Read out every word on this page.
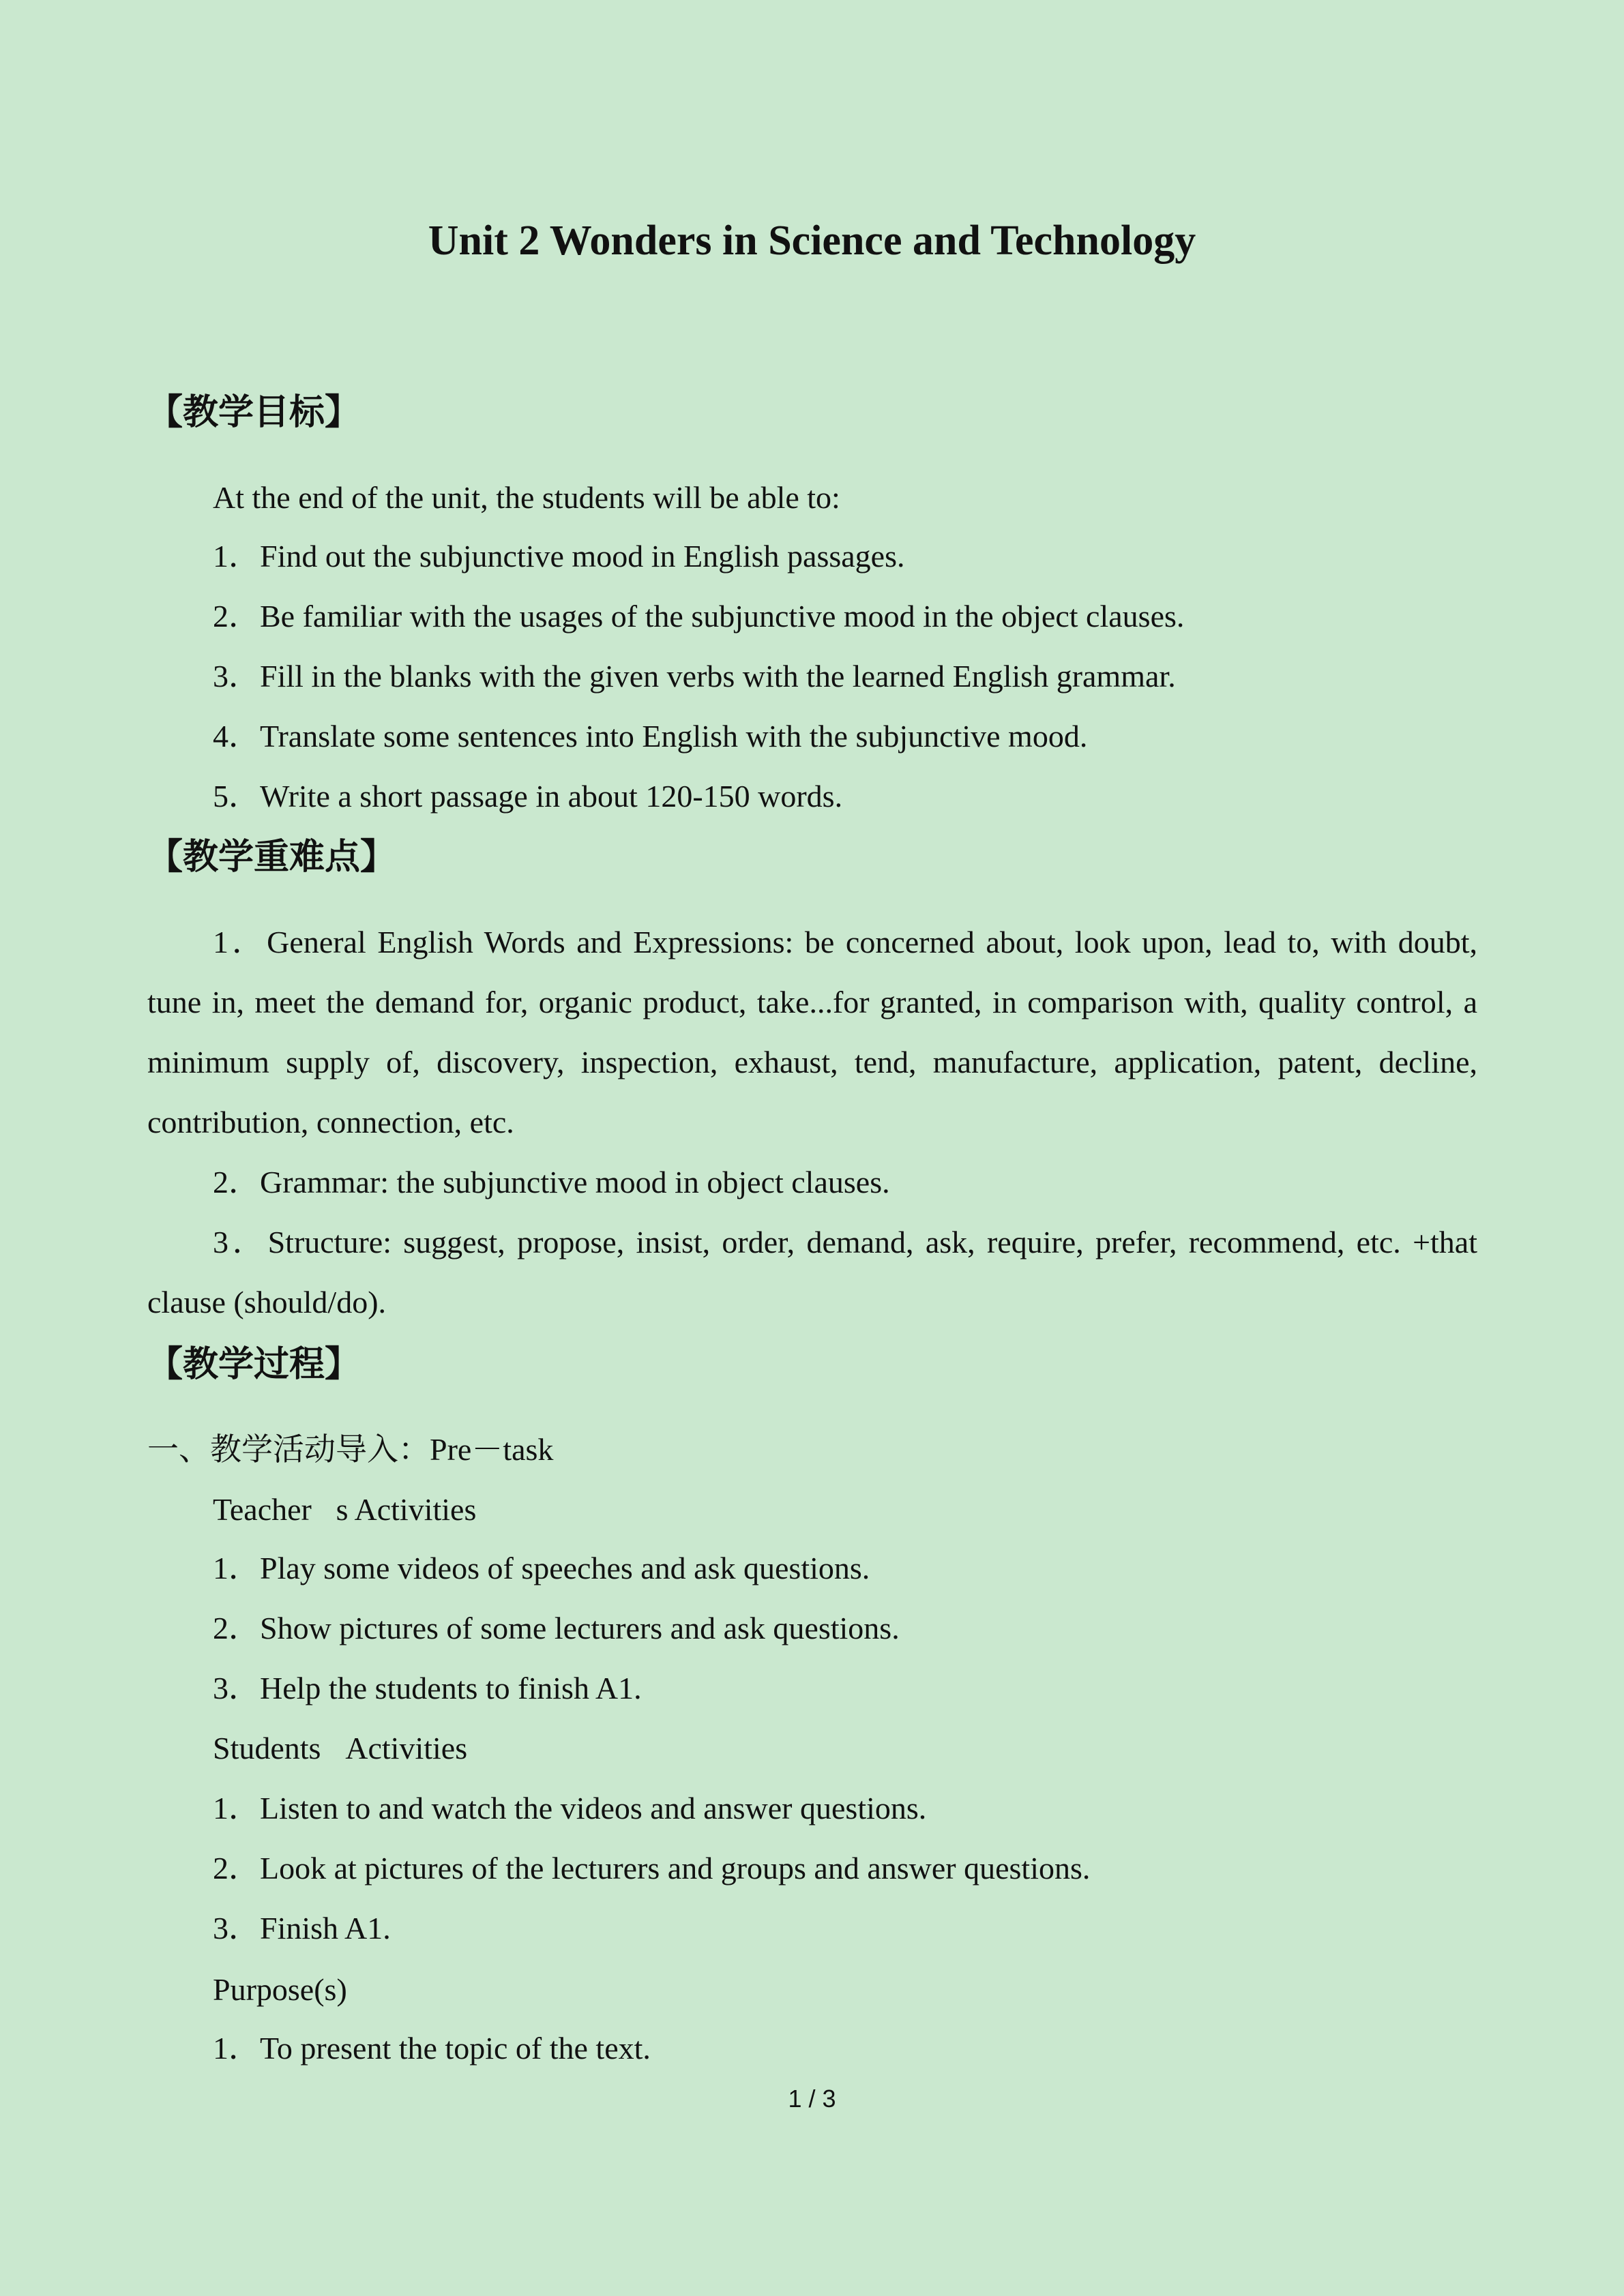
Unit 2 Wonders in Science and Technology
【教学目标】
At the end of the unit, the students will be able to:
1．Find out the subjunctive mood in English passages.
2．Be familiar with the usages of the subjunctive mood in the object clauses.
3．Fill in the blanks with the given verbs with the learned English grammar.
4．Translate some sentences into English with the subjunctive mood.
5．Write a short passage in about 120-150 words.
【教学重难点】
1．General English Words and Expressions: be concerned about, look upon, lead to, with doubt, tune in, meet the demand for, organic product, take...for granted, in comparison with, quality control, a minimum supply of, discovery, inspection, exhaust, tend, manufacture, application, patent, decline, contribution, connection, etc.
2．Grammar: the subjunctive mood in object clauses.
3．Structure: suggest, propose, insist, order, demand, ask, require, prefer, recommend, etc. +that clause (should/do).
【教学过程】
一、教学活动导入：Pre－task
Teacher s Activities
1．Play some videos of speeches and ask questions.
2．Show pictures of some lecturers and ask questions.
3．Help the students to finish A1.
Students Activities
1．Listen to and watch the videos and answer questions.
2．Look at pictures of the lecturers and groups and answer questions.
3．Finish A1.
Purpose(s)
1．To present the topic of the text.
1 / 3
